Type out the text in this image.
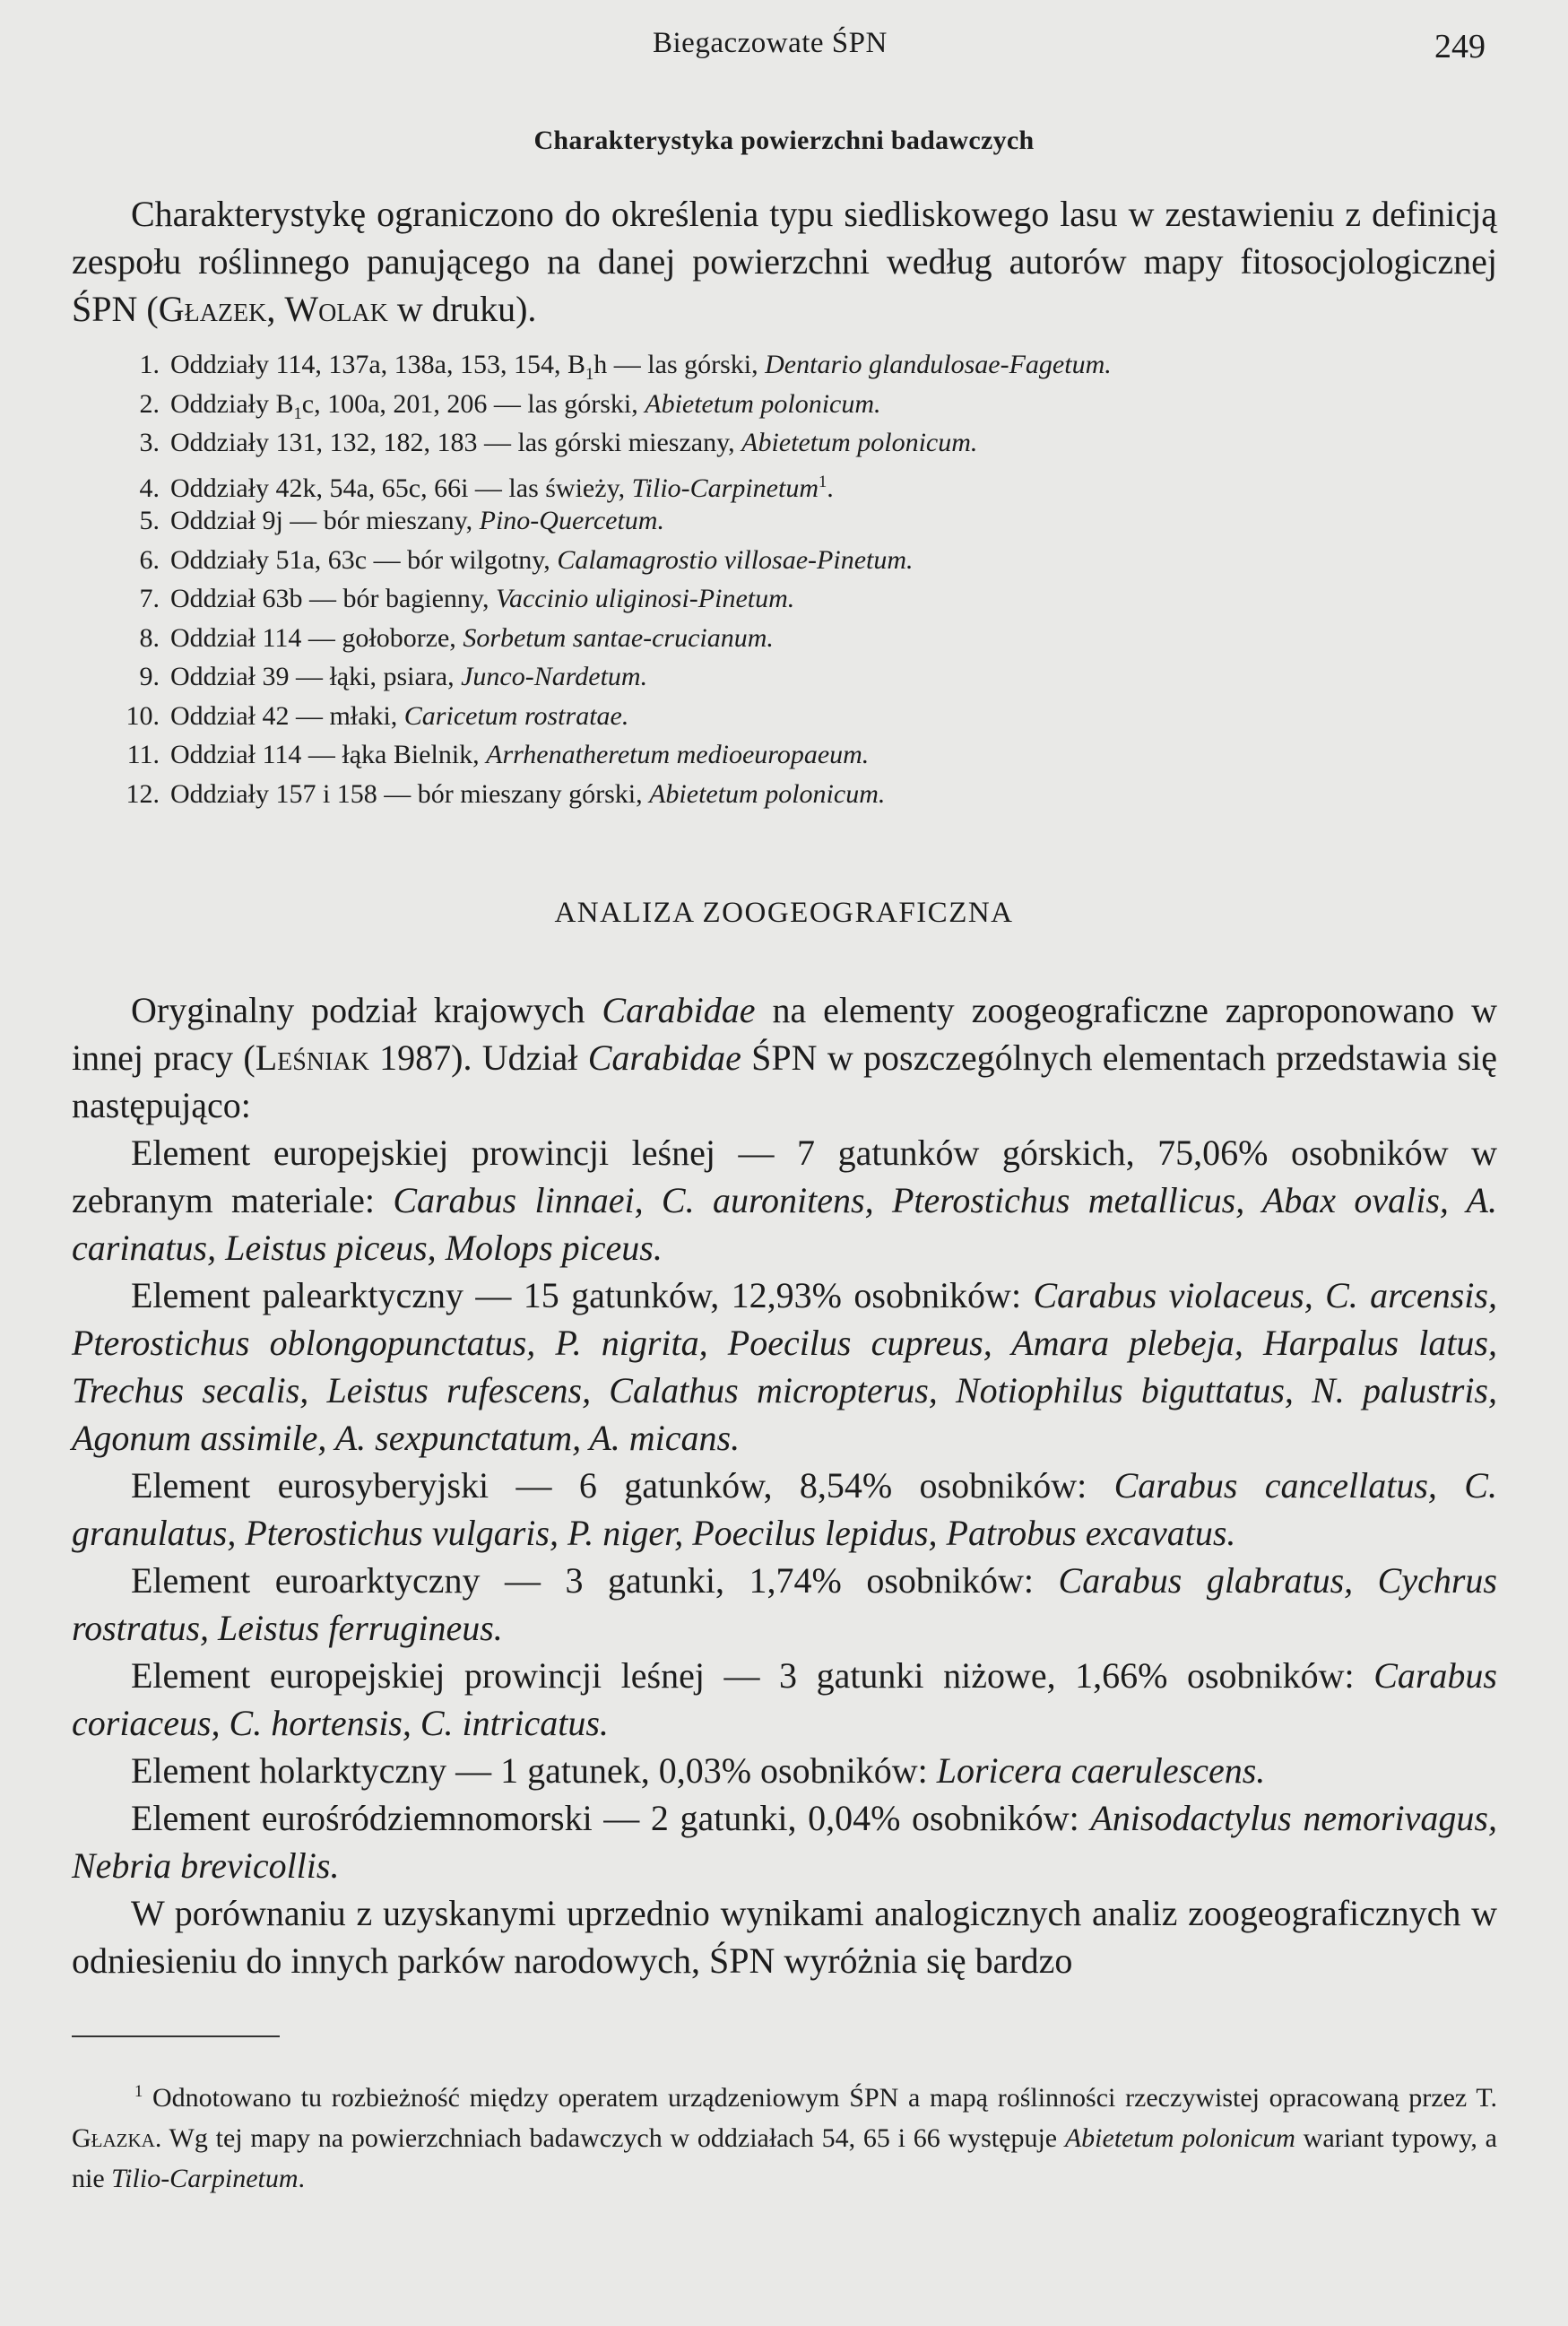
Biegaczowate ŚPN	249
Charakterystyka powierzchni badawczych

Charakterystykę ograniczono do określenia typu siedliskowego lasu w zestawieniu z definicją zespołu roślinnego panującego na danej powierzchni według autorów mapy fitosocjologicznej ŚPN (Głazek, Wolak w druku).

1. Oddziały 114, 137a, 138a, 153, 154, $B_1h$ — las górski, Dentario glandulosae-Fagetum.
2. Oddziały $B_1c$, 100a, 201, 206 — las górski, Abietetum polonicum.
3. Oddziały 131, 132, 182, 183 — las górski mieszany, Abietetum polonicum.
4. Oddziały 42k, 54a, 65c, 66i — las świeży, Tilio-Carpinetum$^1$.
5. Oddział 9j — bór mieszany, Pino-Quercetum.
6. Oddziały 51a, 63c — bór wilgotny, Calamagrostio villosae-Pinetum.
7. Oddział 63b — bór bagienny, Vaccinio uliginosi-Pinetum.
8. Oddział 114 — gołoborze, Sorbetum santae-crucianum.
9. Oddział 39 — łąki, psiara, Junco-Nardetum.
10. Oddział 42 — młaki, Caricetum rostratae.
11. Oddział 114 — łąka Bielnik, Arrhenatheretum medioeuropaeum.
12. Oddziały 157 i 158 — bór mieszany górski, Abietetum polonicum.
ANALIZA ZOOGEOGRAFICZNA

Oryginalny podział krajowych Carabidae na elementy zoogeograficzne zaproponowano w innej pracy (Leśniak 1987). Udział Carabidae ŚPN w poszczególnych elementach przedstawia się następująco:

Element europejskiej prowincji leśnej — 7 gatunków górskich, 75,06% osobników w zebranym materiale: Carabus linnaei, C. auronitens, Pterostichus metallicus, Abax ovalis, A. carinatus, Leistus piceus, Molops piceus.

Element palearktyczny — 15 gatunków, 12,93% osobników: Carabus violaceus, C. arcensis, Pterostichus oblongopunctatus, P. nigrita, Poecilus cupreus, Amara plebeja, Harpalus latus, Trechus secalis, Leistus rufescens, Calathus micropterus, Notiophilus biguttatus, N. palustris, Agonum assimile, A. sexpunctatum, A. micans.

Element eurosyberyjski — 6 gatunków, 8,54% osobników: Carabus cancellatus, C. granulatus, Pterostichus vulgaris, P. niger, Poecilus lepidus, Patrobus excavatus.

Element euroarktyczny — 3 gatunki, 1,74% osobników: Carabus glabratus, Cychrus rostratus, Leistus ferrugineus.

Element europejskiej prowincji leśnej — 3 gatunki niżowe, 1,66% osobników: Carabus coriaceus, C. hortensis, C. intricatus.

Element holarktyczny — 1 gatunek, 0,03% osobników: Loricera caerulescens.

Element eurośródziemnomorski — 2 gatunki, 0,04% osobników: Anisodactylus nemorivagus, Nebria brevicollis.

W porównaniu z uzyskanymi uprzednio wynikami analogicznych analiz zoogeograficznych w odniesieniu do innych parków narodowych, ŚPN wyróżnia się bardzo

$^1$ Odnotowano tu rozbieżność między operatem urządzeniowym ŚPN a mapą roślinności rzeczywistej opracowaną przez T. Głazka. Wg tej mapy na powierzchniach badawczych w oddziałach 54, 65 i 66 występuje Abietetum polonicum wariant typowy, a nie Tilio-Carpinetum.
